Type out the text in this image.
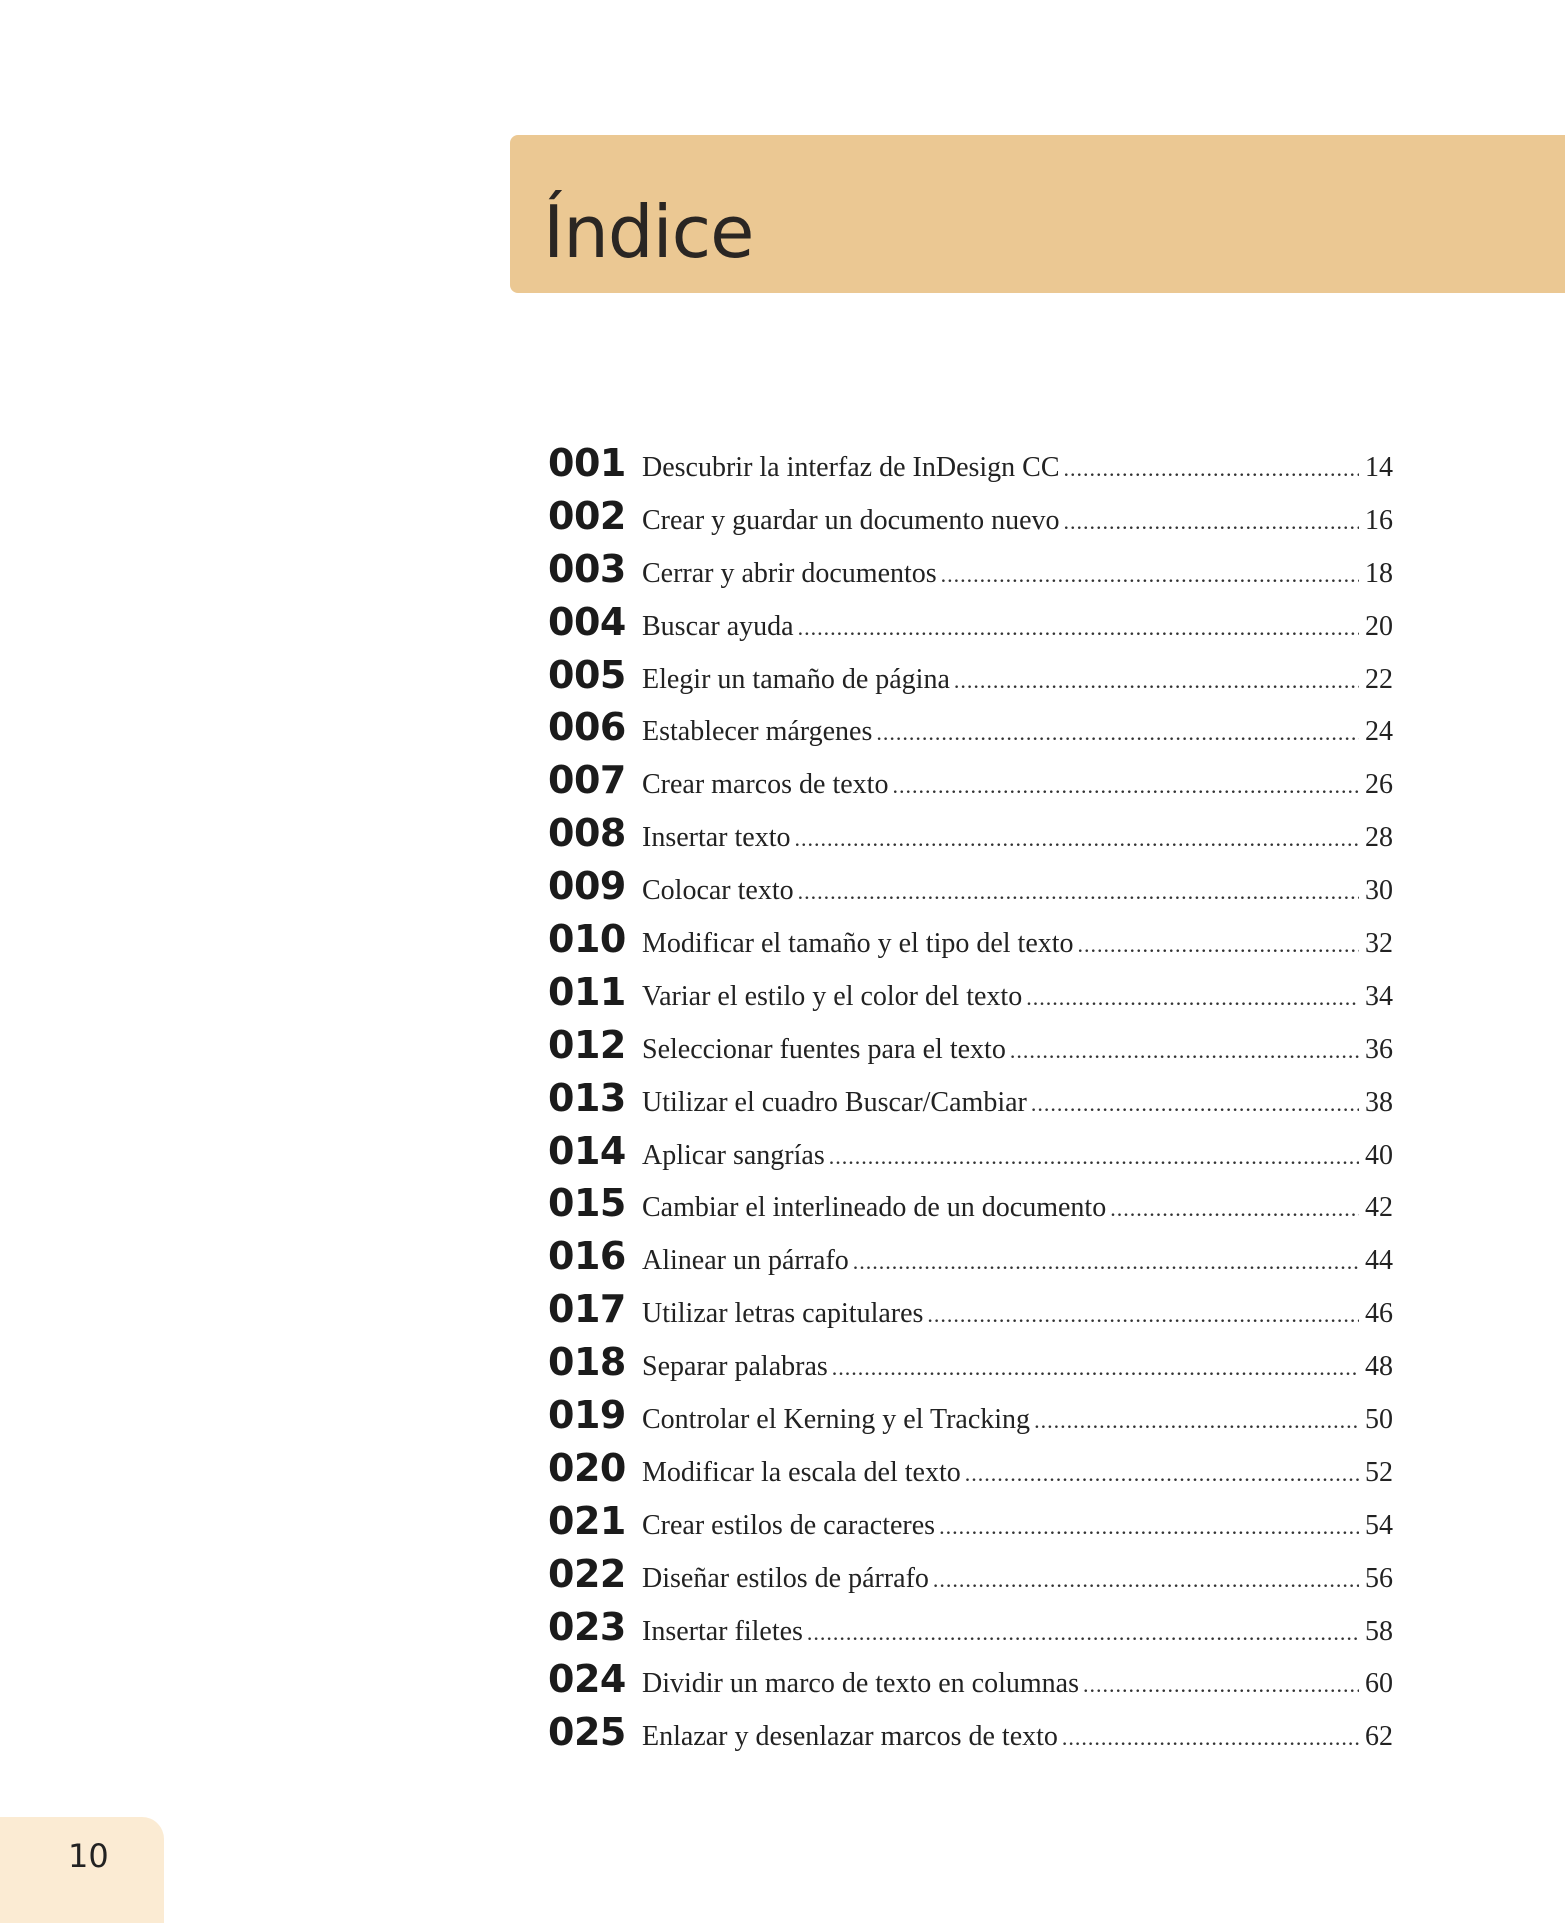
Índice
001 Descubrir la interfaz de InDesign CC .....	14
002 Crear y guardar un documento nuevo .....	16
003 Cerrar y abrir documentos .....	18
004 Buscar ayuda .....	20
005 Elegir un tamaño de página .....	22
006 Establecer márgenes .....	24
007 Crear marcos de texto .....	26
008 Insertar texto .....	28
009 Colocar texto .....	30
010 Modificar el tamaño y el tipo del texto .....	32
011 Variar el estilo y el color del texto .....	34
012 Seleccionar fuentes para el texto .....	36
013 Utilizar el cuadro Buscar/Cambiar .....	38
014 Aplicar sangrías .....	40
015 Cambiar el interlineado de un documento .....	42
016 Alinear un párrafo .....	44
017 Utilizar letras capitulares .....	46
018 Separar palabras .....	48
019 Controlar el Kerning y el Tracking .....	50
020 Modificar la escala del texto .....	52
021 Crear estilos de caracteres .....	54
022 Diseñar estilos de párrafo .....	56
023 Insertar filetes .....	58
024 Dividir un marco de texto en columnas .....	60
025 Enlazar y desenlazar marcos de texto .....	62
10
